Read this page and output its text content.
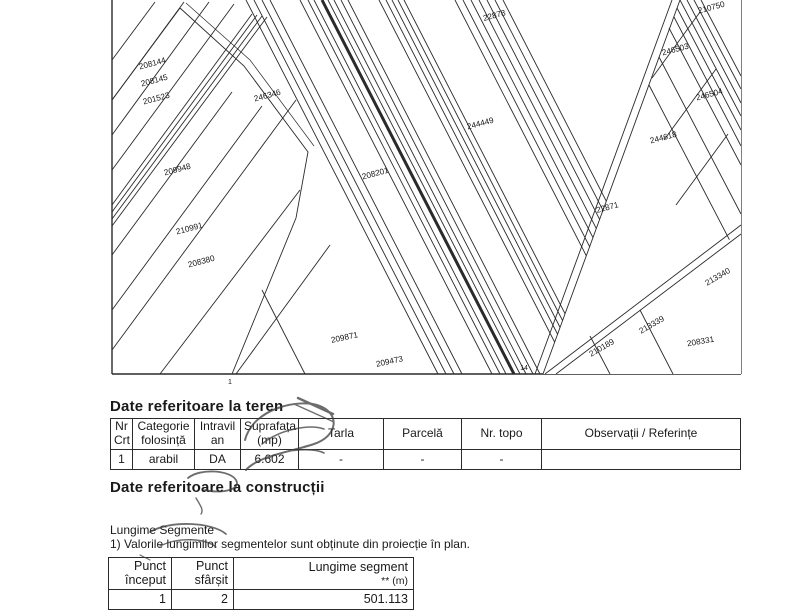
208144
208145
201523
209948
210991
208380
209871
209473
208201
246346
244449
22878
22871
210750
246503
246504
244618
213340
213339
210189	208331
1
14
Date referitoare la teren
Nr Crt	Categorie folosință	Intravilan	Suprafața (mp)	Tarla	Parcelă	Nr. topo	Observații / Referințe
1	arabil	DA	6.602	-	-	-	
Date referitoare la construcții
Lungime Segmente
1) Valorile lungimilor segmentelor sunt obținute din proiecție în plan.
Punct început	Punct sfârșit	Lungime segment
** (m)

1	2	501.113
